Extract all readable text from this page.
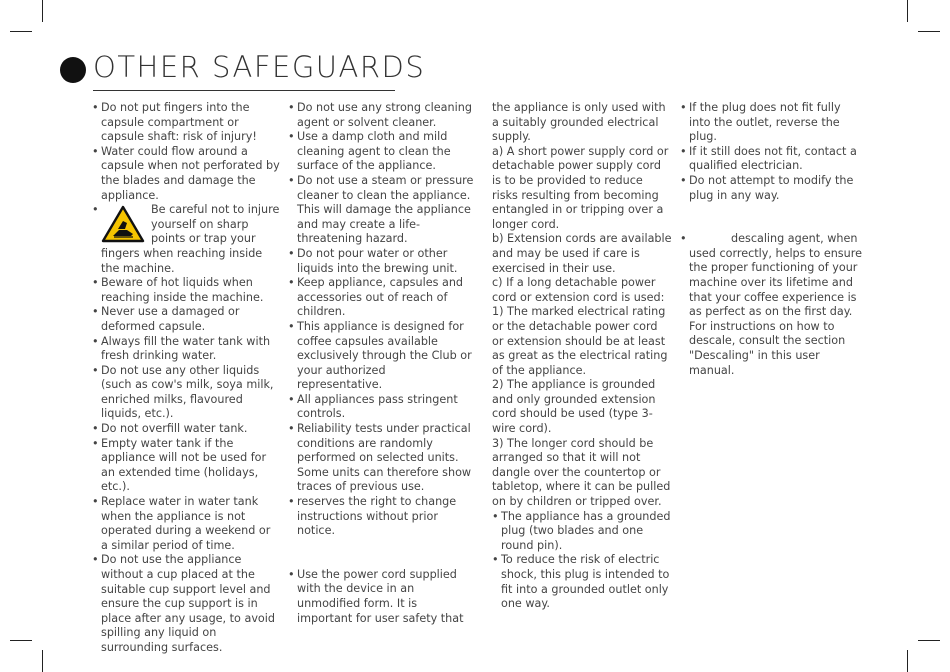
OTHER SAFEGUARDS
• Do not put fingers into the capsule compartment or capsule shaft: risk of injury!
• Water could flow around a capsule when not perforated by the blades and damage the appliance.
• Be careful not to injure yourself on sharp points or trap your fingers when reaching inside the machine.
• Beware of hot liquids when reaching inside the machine.
• Never use a damaged or deformed capsule.
• Always fill the water tank with fresh drinking water.
• Do not use any other liquids (such as cow's milk, soya milk, enriched milks, flavoured liquids, etc.).
• Do not overfill water tank.
• Empty water tank if the appliance will not be used for an extended time (holidays, etc.).
• Replace water in water tank when the appliance is not operated during a weekend or a similar period of time.
• Do not use the appliance without a cup placed at the suitable cup support level and ensure the cup support is in place after any usage, to avoid spilling any liquid on surrounding surfaces.
• Do not use any strong cleaning agent or solvent cleaner.
• Use a damp cloth and mild cleaning agent to clean the surface of the appliance.
• Do not use a steam or pressure cleaner to clean the appliance. This will damage the appliance and may create a life-threatening hazard.
• Do not pour water or other liquids into the brewing unit.
• Keep appliance, capsules and accessories out of reach of children.
• This appliance is designed for coffee capsules available exclusively through the Club or your authorized representative.
• All appliances pass stringent controls.
• Reliability tests under practical conditions are randomly performed on selected units. Some units can therefore show traces of previous use.
• reserves the right to change instructions without prior notice.
• Use the power cord supplied with the device in an unmodified form. It is important for user safety that

the appliance is only used with a suitably grounded electrical supply.

a) A short power supply cord or detachable power supply cord is to be provided to reduce risks resulting from becoming entangled in or tripping over a longer cord.

b) Extension cords are available and may be used if care is exercised in their use.

c) If a long detachable power cord or extension cord is used:

1) The marked electrical rating or the detachable power cord or extension should be at least as great as the electrical rating of the appliance.

2) The appliance is grounded and only grounded extension cord should be used (type 3-wire cord).

3) The longer cord should be arranged so that it will not dangle over the countertop or tabletop, where it can be pulled on by children or tripped over.

• The appliance has a grounded plug (two blades and one round pin).
• To reduce the risk of electric shock, this plug is intended to fit into a grounded outlet only one way.
• If the plug does not fit fully into the outlet, reverse the plug.
• If it still does not fit, contact a qualified electrician.
• Do not attempt to modify the plug in any way.
• descaling agent, when used correctly, helps to ensure the proper functioning of your machine over its lifetime and that your coffee experience is as perfect as on the first day. For instructions on how to descale, consult the section "Descaling" in this user manual.
